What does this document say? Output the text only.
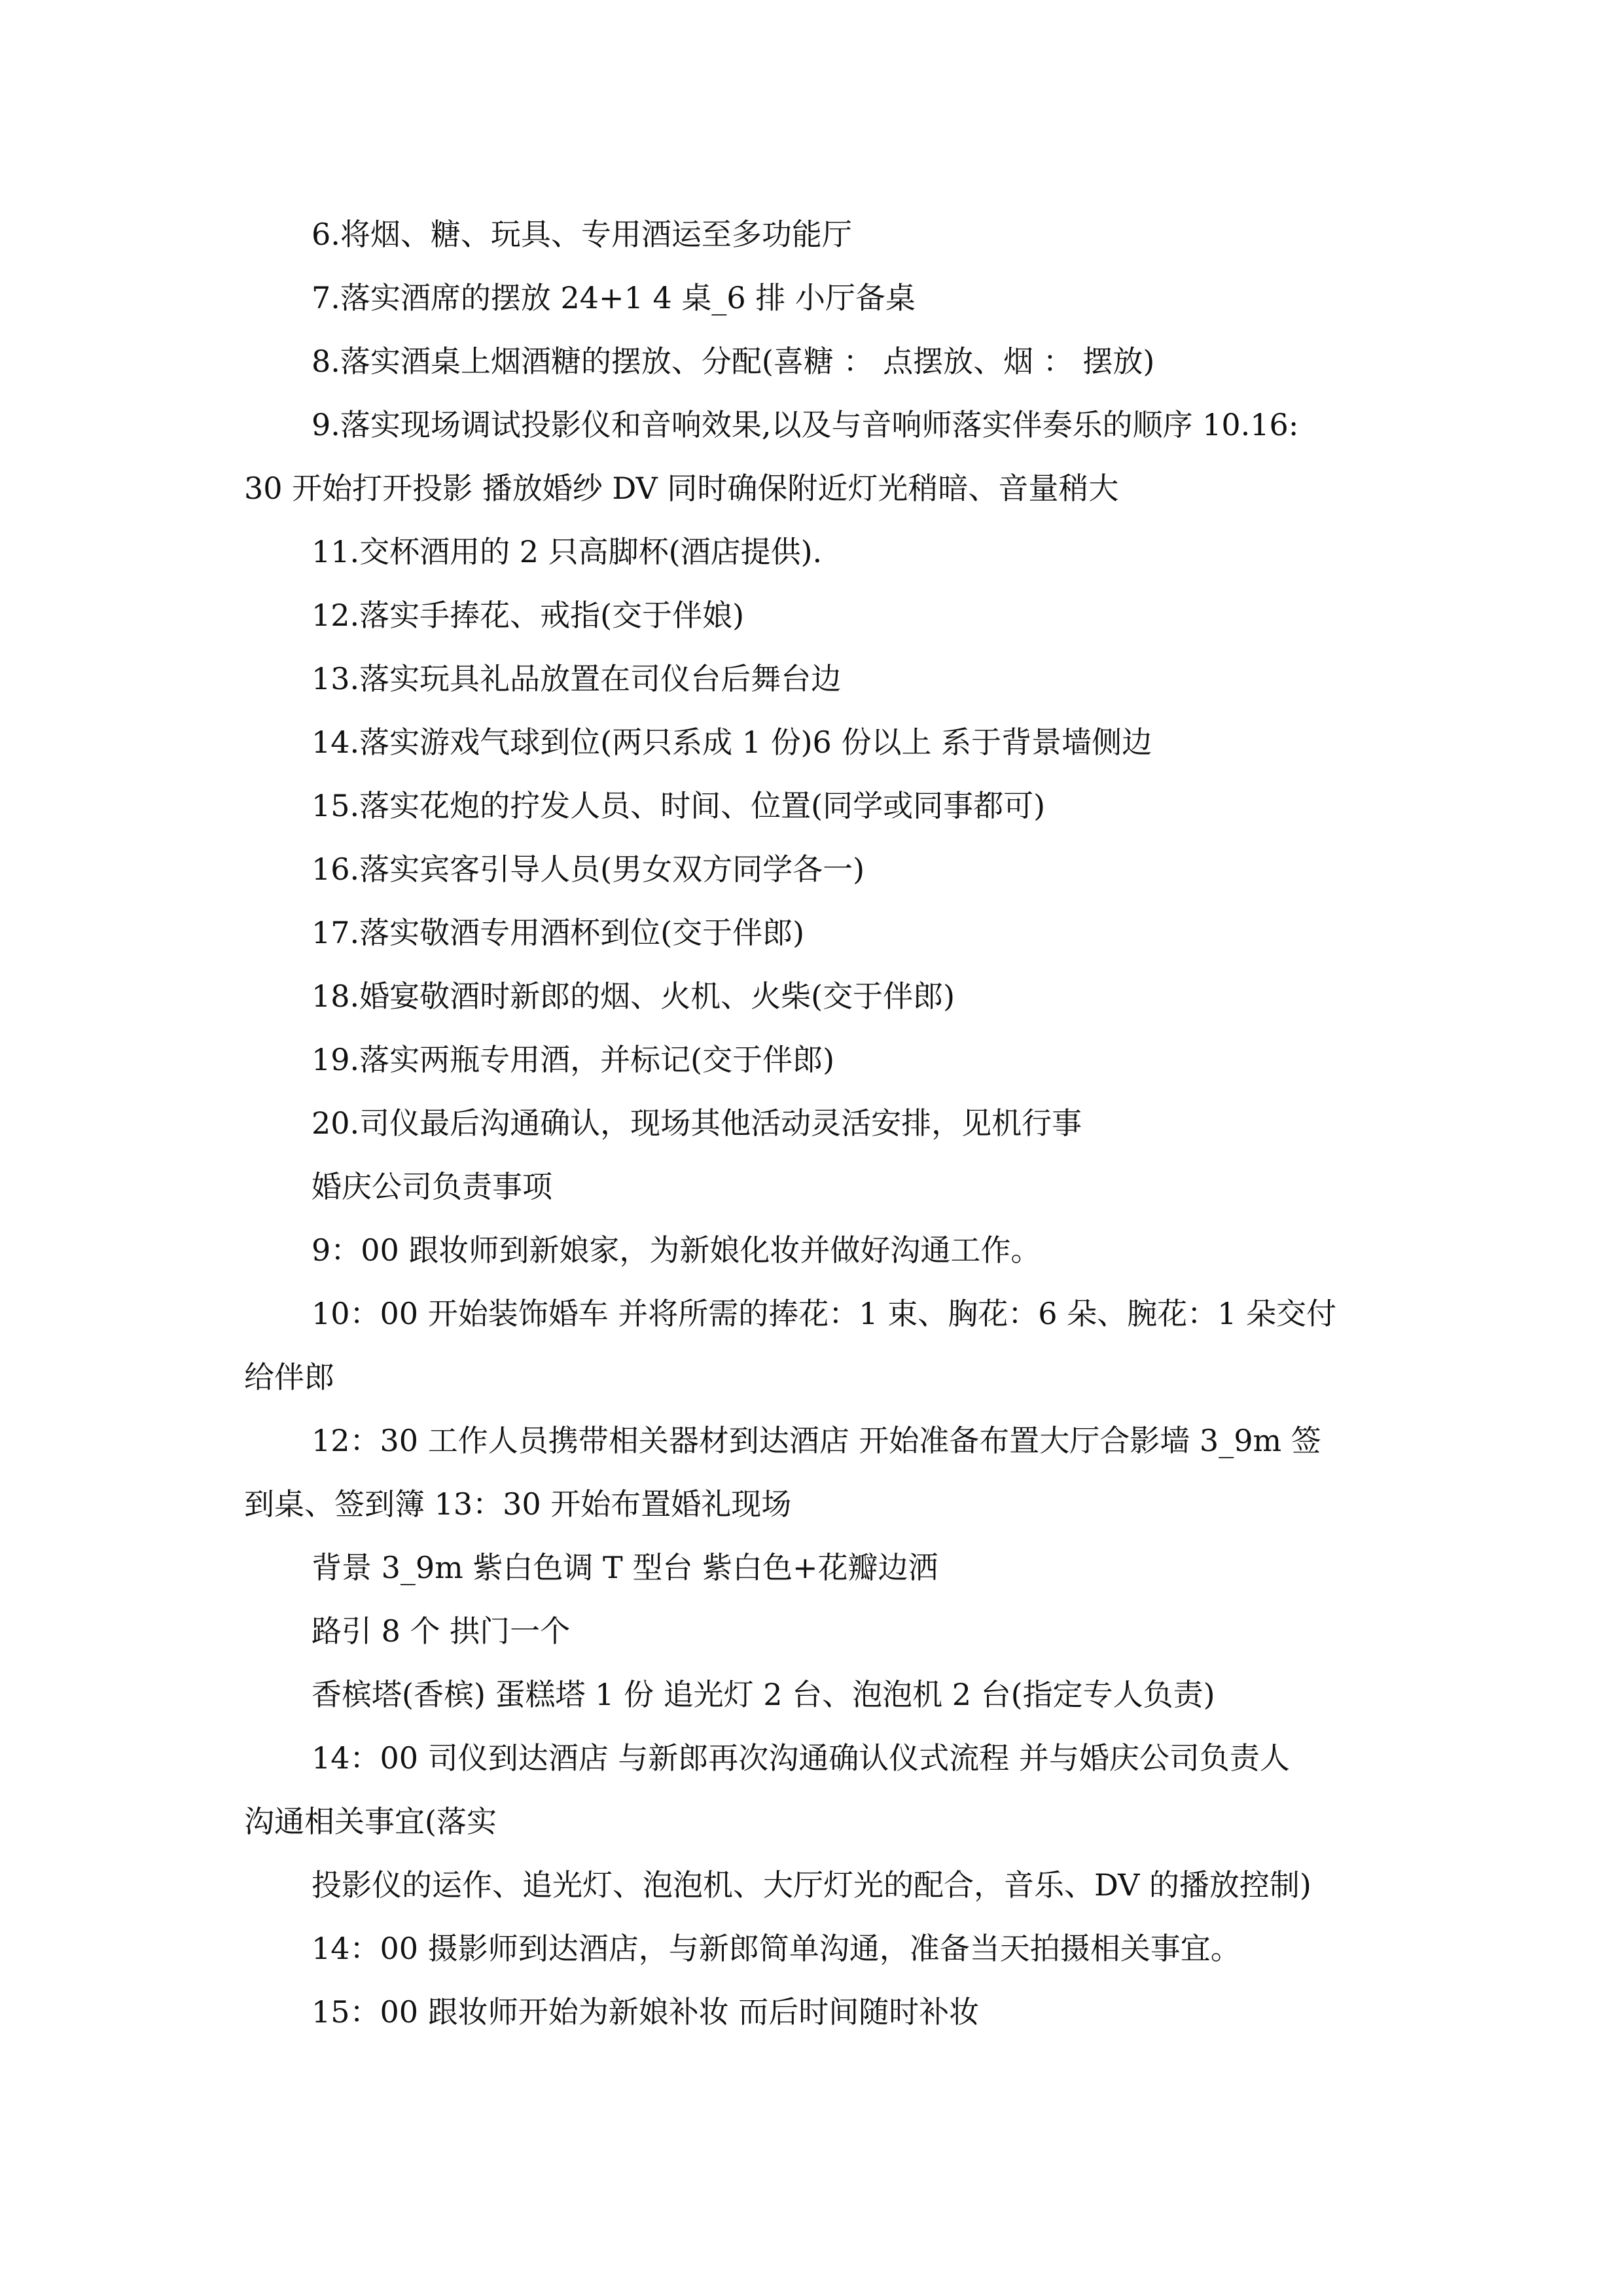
6.将烟、糖、玩具、专用酒运至多功能厅

7.落实酒席的摆放 24+1 4 桌_6 排 小厅备桌

8.落实酒桌上烟酒糖的摆放、分配(喜糖 ： 点摆放、烟 ： 摆放)

9.落实现场调试投影仪和音响效果,以及与音响师落实伴奏乐的顺序 10.16:

30 开始打开投影 播放婚纱 DV 同时确保附近灯光稍暗、音量稍大

11.交杯酒用的 2 只高脚杯(酒店提供).

12.落实手捧花、戒指(交于伴娘)

13.落实玩具礼品放置在司仪台后舞台边

14.落实游戏气球到位(两只系成 1 份)6 份以上 系于背景墙侧边

15.落实花炮的拧发人员、时间、位置(同学或同事都可)

16.落实宾客引导人员(男女双方同学各一)

17.落实敬酒专用酒杯到位(交于伴郎)

18.婚宴敬酒时新郎的烟、火机、火柴(交于伴郎)

19.落实两瓶专用酒，并标记(交于伴郎)

20.司仪最后沟通确认，现场其他活动灵活安排，见机行事

婚庆公司负责事项

9：00 跟妆师到新娘家，为新娘化妆并做好沟通工作。

10：00 开始装饰婚车 并将所需的捧花：1 束、胸花：6 朵、腕花：1 朵交付

给伴郎

12：30 工作人员携带相关器材到达酒店 开始准备布置大厅合影墙 3_9m 签

到桌、签到簿 13：30 开始布置婚礼现场

背景 3_9m 紫白色调 T 型台 紫白色+花瓣边洒

路引 8 个 拱门一个

香槟塔(香槟) 蛋糕塔 1 份 追光灯 2 台、泡泡机 2 台(指定专人负责)

14：00 司仪到达酒店 与新郎再次沟通确认仪式流程 并与婚庆公司负责人

沟通相关事宜(落实

投影仪的运作、追光灯、泡泡机、大厅灯光的配合，音乐、DV 的播放控制)

14：00 摄影师到达酒店，与新郎简单沟通，准备当天拍摄相关事宜。

15：00 跟妆师开始为新娘补妆 而后时间随时补妆
